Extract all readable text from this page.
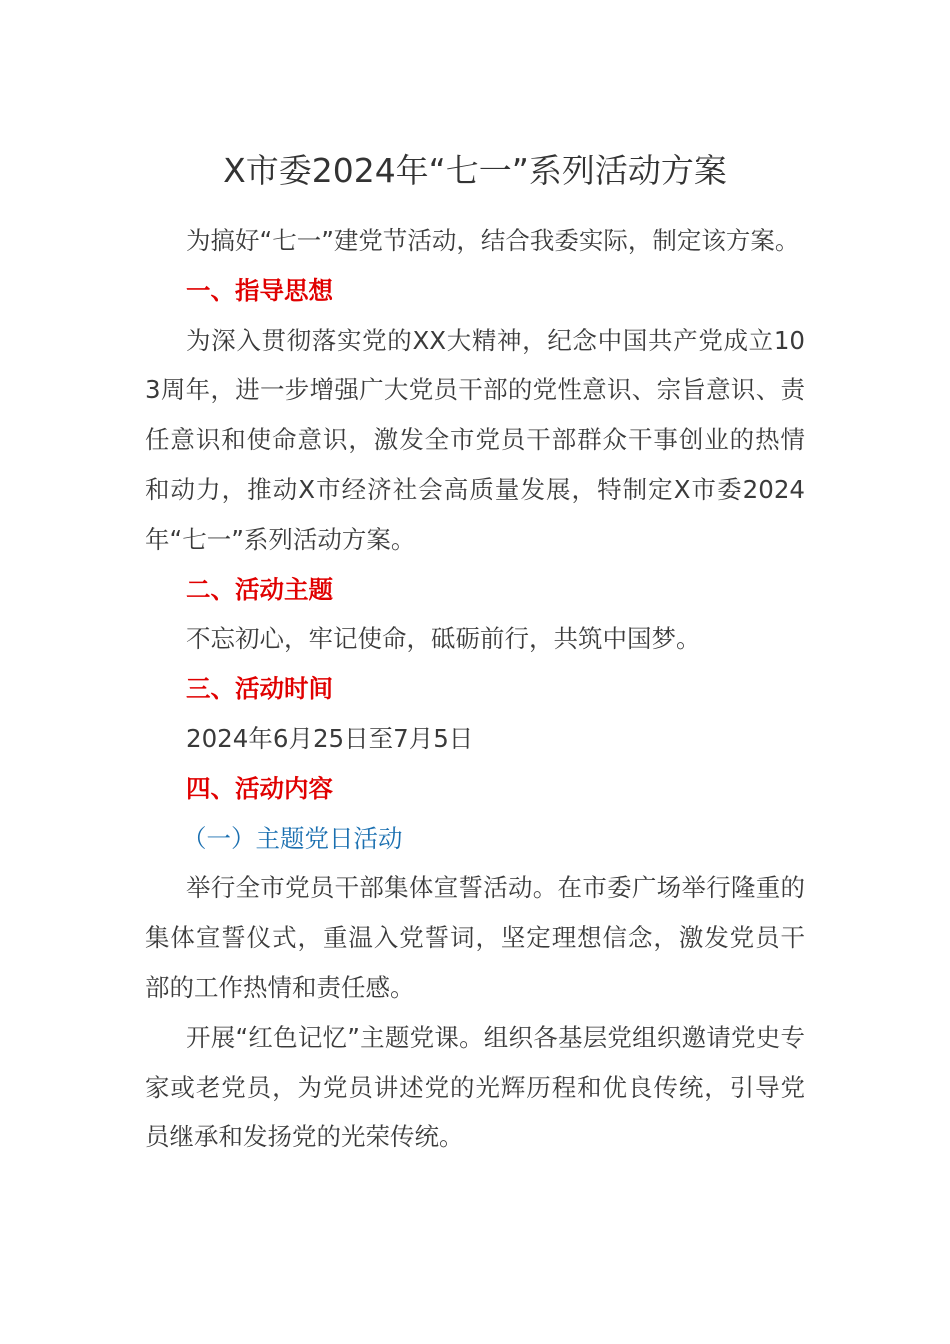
X市委2024年“七一”系列活动方案

为搞好“七一”建党节活动，结合我委实际，制定该方案。

一、指导思想

为深入贯彻落实党的XX大精神，纪念中国共产党成立103周年，进一步增强广大党员干部的党性意识、宗旨意识、责任意识和使命意识，激发全市党员干部群众干事创业的热情和动力，推动X市经济社会高质量发展，特制定X市委2024年“七一”系列活动方案。

二、活动主题

不忘初心，牢记使命，砥砺前行，共筑中国梦。

三、活动时间

2024年6月25日至7月5日

四、活动内容

（一）主题党日活动

举行全市党员干部集体宣誓活动。在市委广场举行隆重的集体宣誓仪式，重温入党誓词，坚定理想信念，激发党员干部的工作热情和责任感。

开展“红色记忆”主题党课。组织各基层党组织邀请党史专家或老党员，为党员讲述党的光辉历程和优良传统，引导党员继承和发扬党的光荣传统。
